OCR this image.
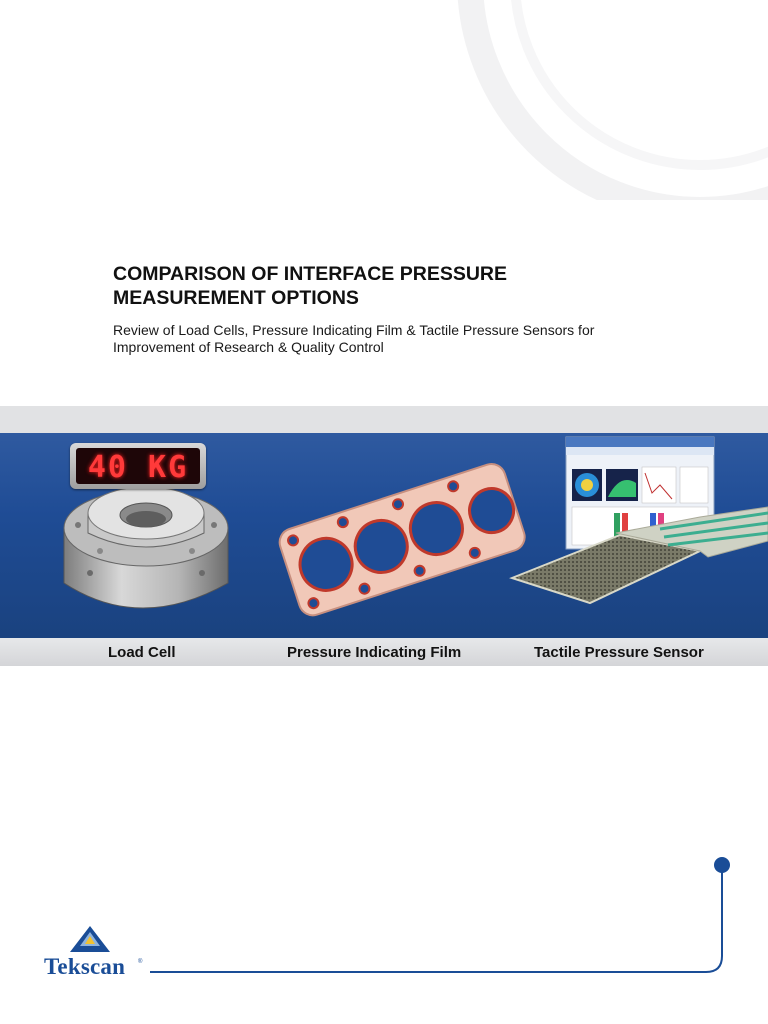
COMPARISON OF INTERFACE PRESSURE
MEASUREMENT OPTIONS

Review of Load Cells, Pressure Indicating Film & Tactile Pressure Sensors for
Improvement of Research & Quality Control

40 KG
Load Cell	Pressure Indicating Film	Tactile Pressure Sensor
Tekscan ®
